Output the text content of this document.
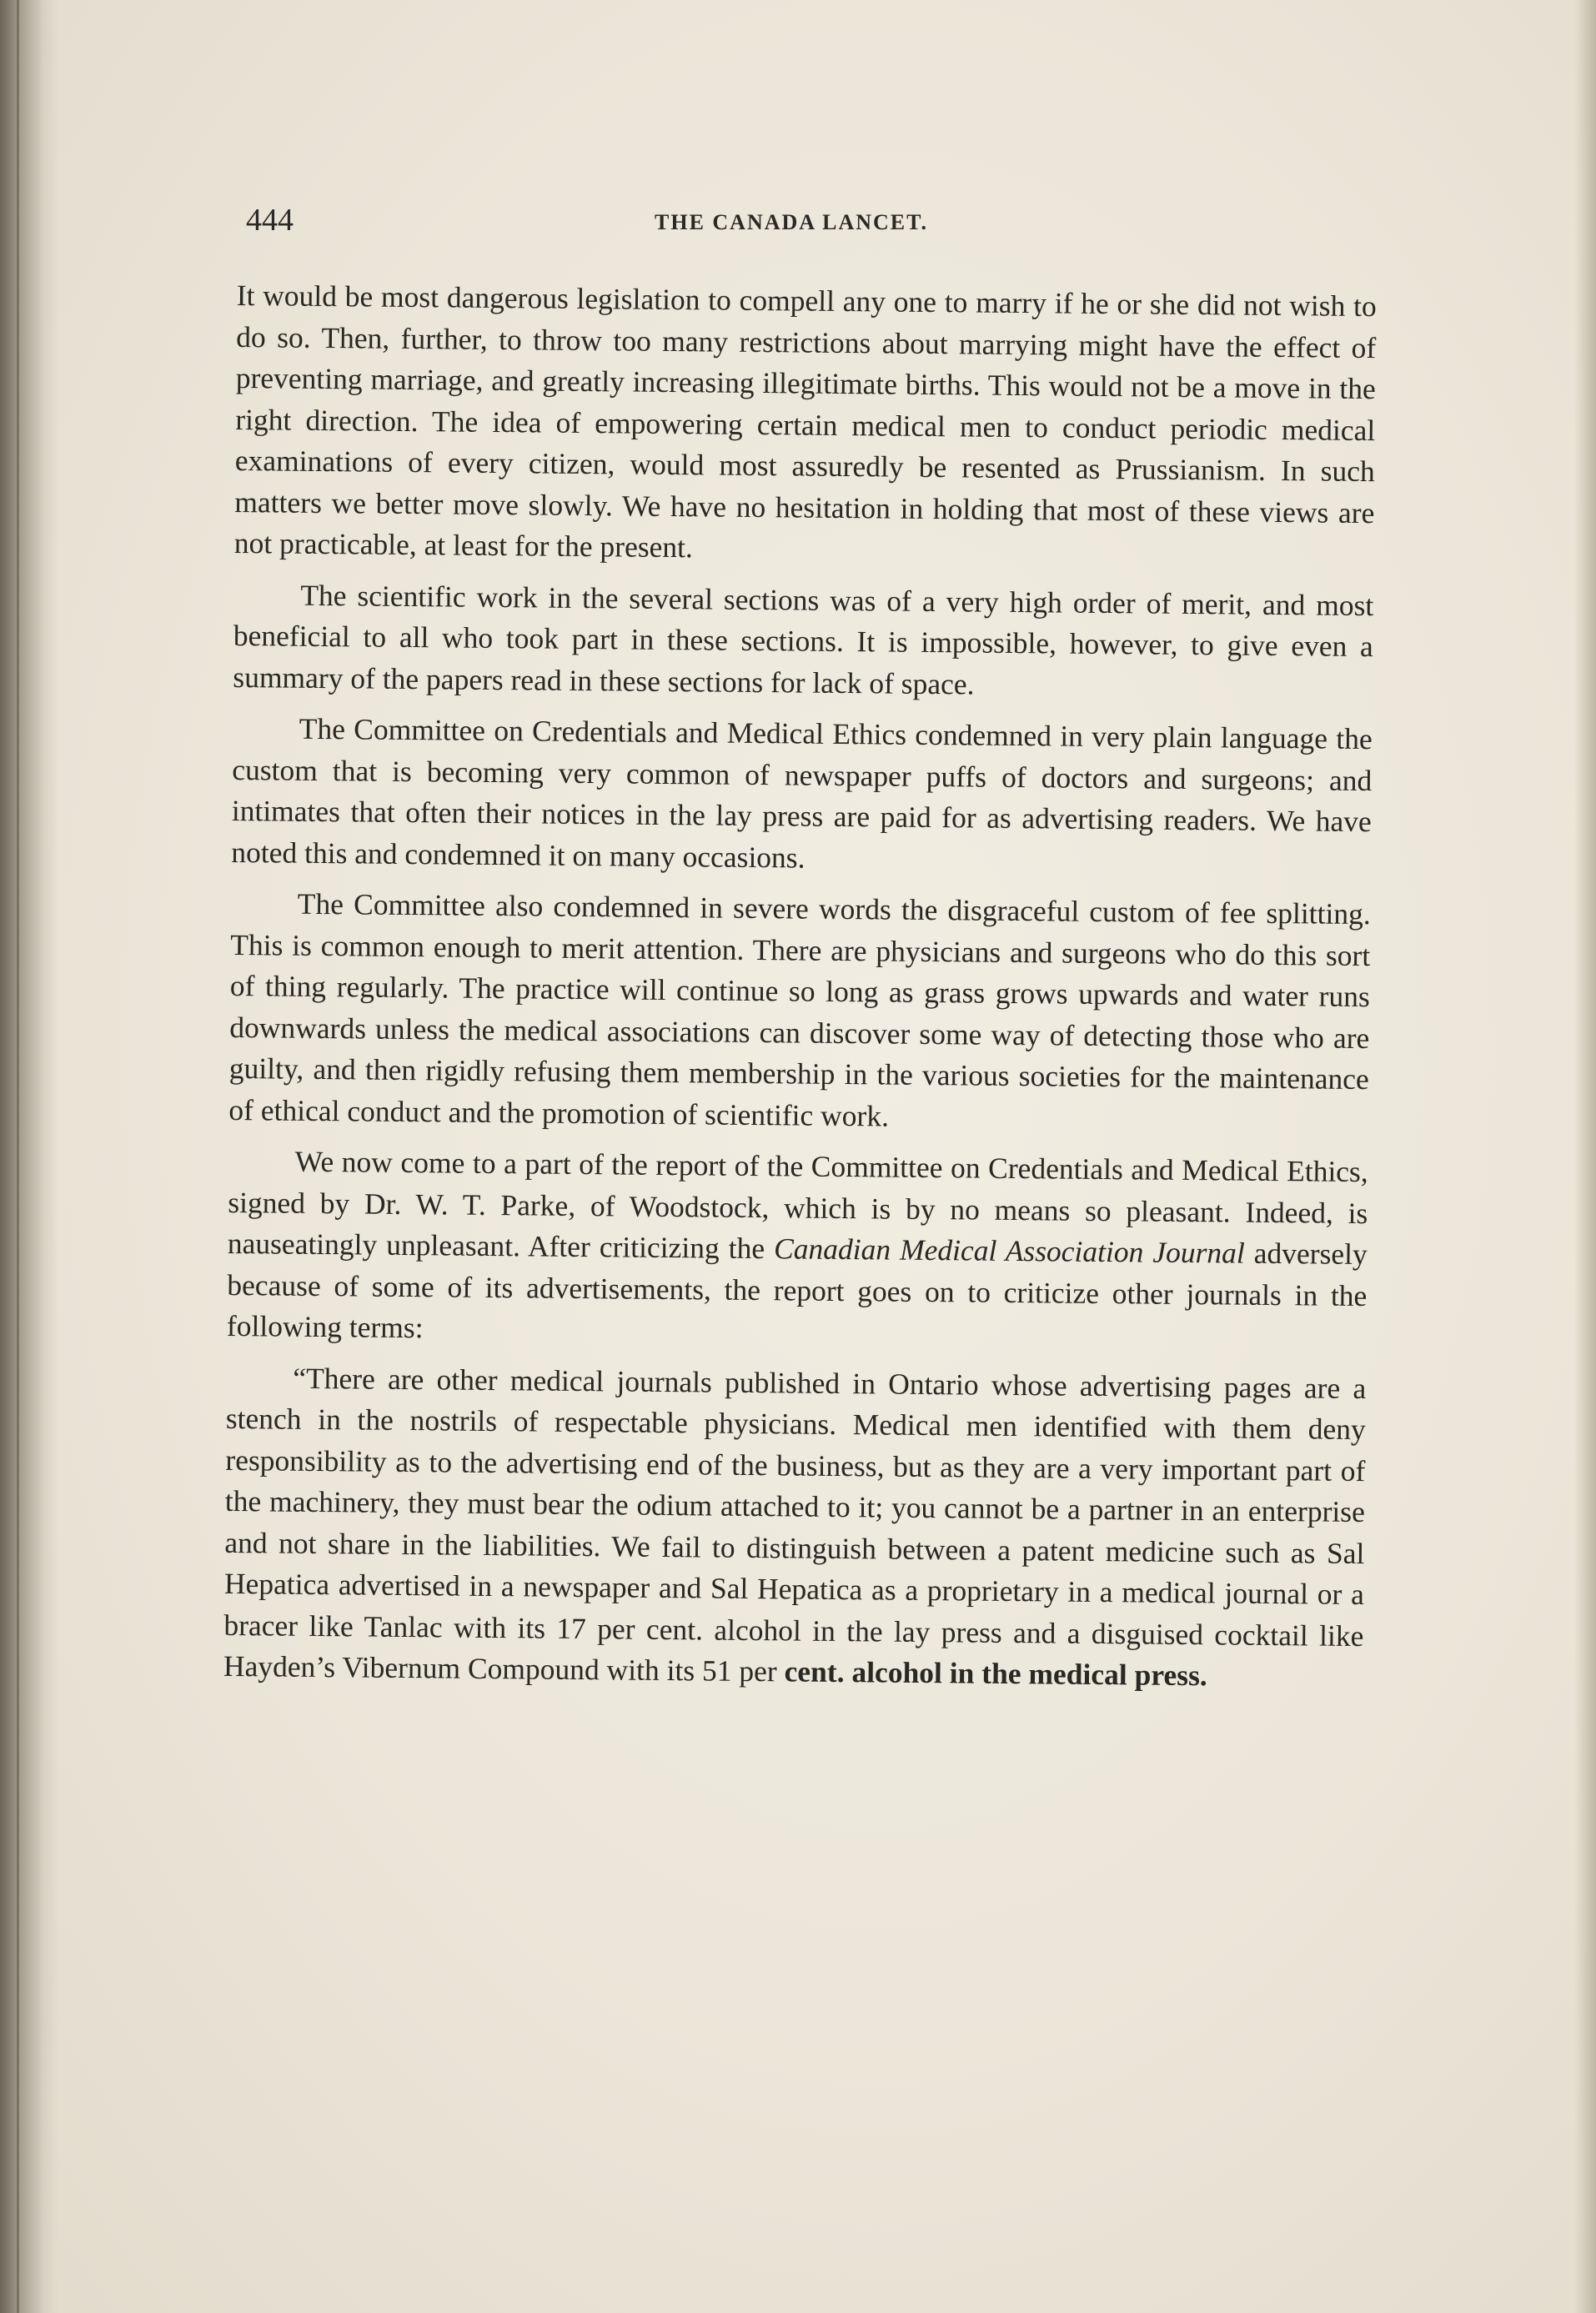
444	THE CANADA LANCET.

It would be most dangerous legislation to compell any one to marry if he or she did not wish to do so. Then, further, to throw too many restrictions about marrying might have the effect of preventing marriage, and greatly increasing illegitimate births. This would not be a move in the right direction. The idea of empowering certain medical men to conduct periodic medical examinations of every citizen, would most assuredly be resented as Prussianism. In such matters we better move slowly. We have no hesitation in holding that most of these views are not practicable, at least for the present.

The scientific work in the several sections was of a very high order of merit, and most beneficial to all who took part in these sections. It is impossible, however, to give even a summary of the papers read in these sections for lack of space.

The Committee on Credentials and Medical Ethics condemned in very plain language the custom that is becoming very common of newspaper puffs of doctors and surgeons; and intimates that often their notices in the lay press are paid for as advertising readers. We have noted this and condemned it on many occasions.

The Committee also condemned in severe words the disgraceful custom of fee splitting. This is common enough to merit attention. There are physicians and surgeons who do this sort of thing regularly. The practice will continue so long as grass grows upwards and water runs downwards unless the medical associations can discover some way of detecting those who are guilty, and then rigidly refusing them membership in the various societies for the maintenance of ethical conduct and the promotion of scientific work.

We now come to a part of the report of the Committee on Credentials and Medical Ethics, signed by Dr. W. T. Parke, of Woodstock, which is by no means so pleasant. Indeed, is nauseatingly unpleasant. After criticizing the Canadian Medical Association Journal adversely because of some of its advertisements, the report goes on to criticize other journals in the following terms:

“There are other medical journals published in Ontario whose advertising pages are a stench in the nostrils of respectable physicians. Medical men identified with them deny responsibility as to the advertising end of the business, but as they are a very important part of the machinery, they must bear the odium attached to it; you cannot be a partner in an enterprise and not share in the liabilities. We fail to distinguish between a patent medicine such as Sal Hepatica advertised in a newspaper and Sal Hepatica as a proprietary in a medical journal or a bracer like Tanlac with its 17 per cent. alcohol in the lay press and a disguised cocktail like Hayden’s Vibernum Compound with its 51 per cent. alcohol in the medical press.
